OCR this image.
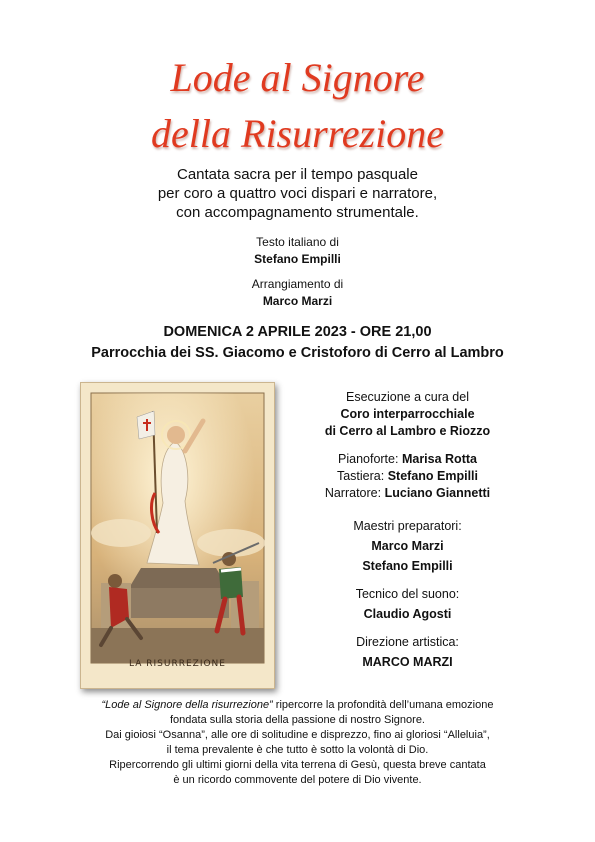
Lode al Signore
della Risurrezione
Cantata sacra per il tempo pasquale
per coro a quattro voci dispari e narratore,
con accompagnamento strumentale.
Testo italiano di
Stefano Empilli
Arrangiamento di
Marco Marzi
DOMENICA 2 APRILE 2023 - ORE 21,00
Parrocchia dei SS. Giacomo e Cristoforo di Cerro al Lambro
LA RISURREZIONE
Esecuzione a cura del
Coro interparrocchiale
di Cerro al Lambro e Riozzo
Pianoforte: Marisa Rotta
Tastiera: Stefano Empilli
Narratore: Luciano Giannetti
Maestri preparatori:
Marco Marzi
Stefano Empilli
Tecnico del suono:
Claudio Agosti
Direzione artistica:
MARCO MARZI
“Lode al Signore della risurrezione” ripercorre la profondità dell’umana emozione
fondata sulla storia della passione di nostro Signore.
Dai gioiosi “Osanna”, alle ore di solitudine e disprezzo, fino ai gloriosi “Alleluia”,
il tema prevalente è che tutto è sotto la volontà di Dio.
Ripercorrendo gli ultimi giorni della vita terrena di Gesù, questa breve cantata
è un ricordo commovente del potere di Dio vivente.
